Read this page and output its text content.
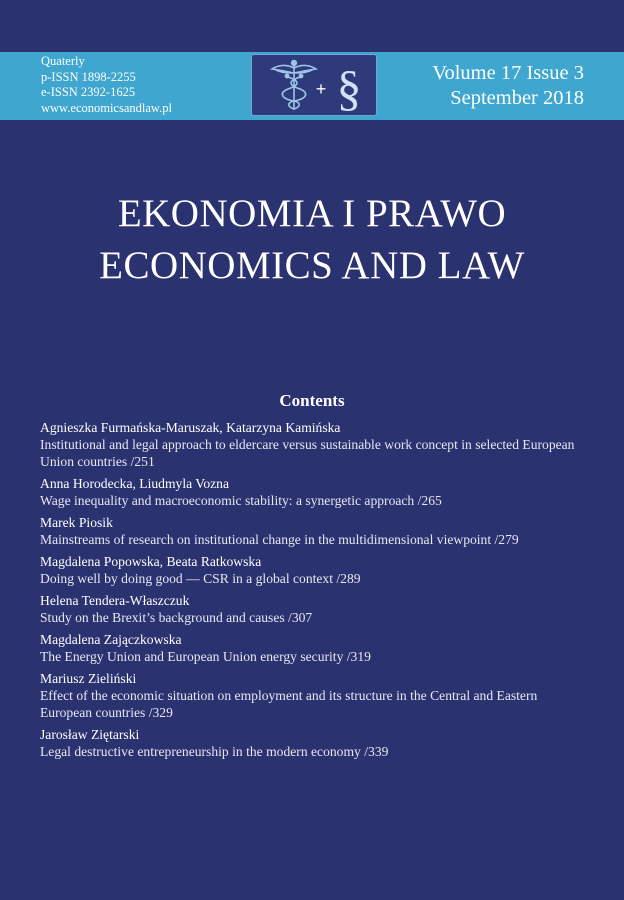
Quaterly
p-ISSN 1898-2255
e-ISSN 2392-1625
www.economicsandlaw.pl
+ §	Volume 17 Issue 3
September 2018
EKONOMIA I PRAWO
ECONOMICS AND LAW
Contents
Agnieszka Furmańska-Maruszak, Katarzyna Kamińska
Institutional and legal approach to eldercare versus sustainable work concept in selected European Union countries /251
Anna Horodecka, Liudmyla Vozna
Wage inequality and macroeconomic stability: a synergetic approach /265
Marek Piosik
Mainstreams of research on institutional change in the multidimensional viewpoint /279
Magdalena Popowska, Beata Ratkowska
Doing well by doing good — CSR in a global context /289
Helena Tendera-Właszczuk
Study on the Brexit’s background and causes /307
Magdalena Zajączkowska
The Energy Union and European Union energy security /319
Mariusz Zieliński
Effect of the economic situation on employment and its structure in the Central and Eastern European countries /329
Jarosław Ziętarski
Legal destructive entrepreneurship in the modern economy /339
